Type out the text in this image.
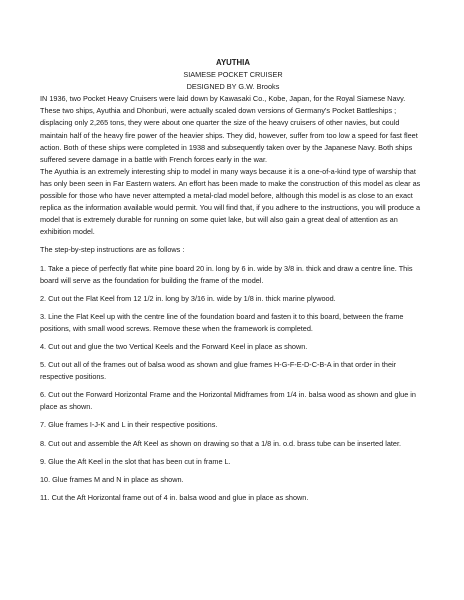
AYUTHIA
SIAMESE POCKET CRUISER
DESIGNED BY G.W. Brooks

IN 1936, two Pocket Heavy Cruisers were laid down by Kawasaki Co., Kobe, Japan, for the Royal Siamese Navy. These two ships, Ayuthia and Dhonburi, were actually scaled down versions of Germany's Pocket Battleships ; displacing only 2,265 tons, they were about one quarter the size of the heavy cruisers of other navies, but could maintain half of the heavy fire power of the heavier ships. They did, however, suffer from too low a speed for fast fleet action. Both of these ships were completed in 1938 and subsequently taken over by the Japanese Navy. Both ships suffered severe damage in a battle with French forces early in the war.

The Ayuthia is an extremely interesting ship to model in many ways because it is a one-of-a-kind type of warship that has only been seen in Far Eastern waters. An effort has been made to make the construction of this model as clear as possible for those who have never attempted a metal-clad model before, although this model is as close to an exact replica as the information available would permit. You will find that, if you adhere to the instructions, you will produce a model that is extremely durable for running on some quiet lake, but will also gain a great deal of attention as an exhibition model.

The step-by-step instructions are as follows :

1. Take a piece of perfectly flat white pine board 20 in. long by 6 in. wide by 3/8 in. thick and draw a centre line. This board will serve as the foundation for building the frame of the model.
2. Cut out the Flat Keel from 12 1/2 in. long by 3/16 in. wide by 1/8 in. thick marine plywood.
3. Line the Flat Keel up with the centre line of the foundation board and fasten it to this board, between the frame positions, with small wood screws. Remove these when the framework is completed.
4. Cut out and glue the two Vertical Keels and the Forward Keel in place as shown.
5. Cut out all of the frames out of balsa wood as shown and glue frames H-G-F-E-D-C-B-A in that order in their respective positions.
6. Cut out the Forward Horizontal Frame and the Horizontal Midframes from 1/4 in. balsa wood as shown and glue in place as shown.
7. Glue frames I-J-K and L in their respective positions.
8. Cut out and assemble the Aft Keel as shown on drawing so that a 1/8 in. o.d. brass tube can be inserted later.
9. Glue the Aft Keel in the slot that has been cut in frame L.
10. Glue frames M and N in place as shown.
11. Cut the Aft Horizontal frame out of 4 in. balsa wood and glue in place as shown.
